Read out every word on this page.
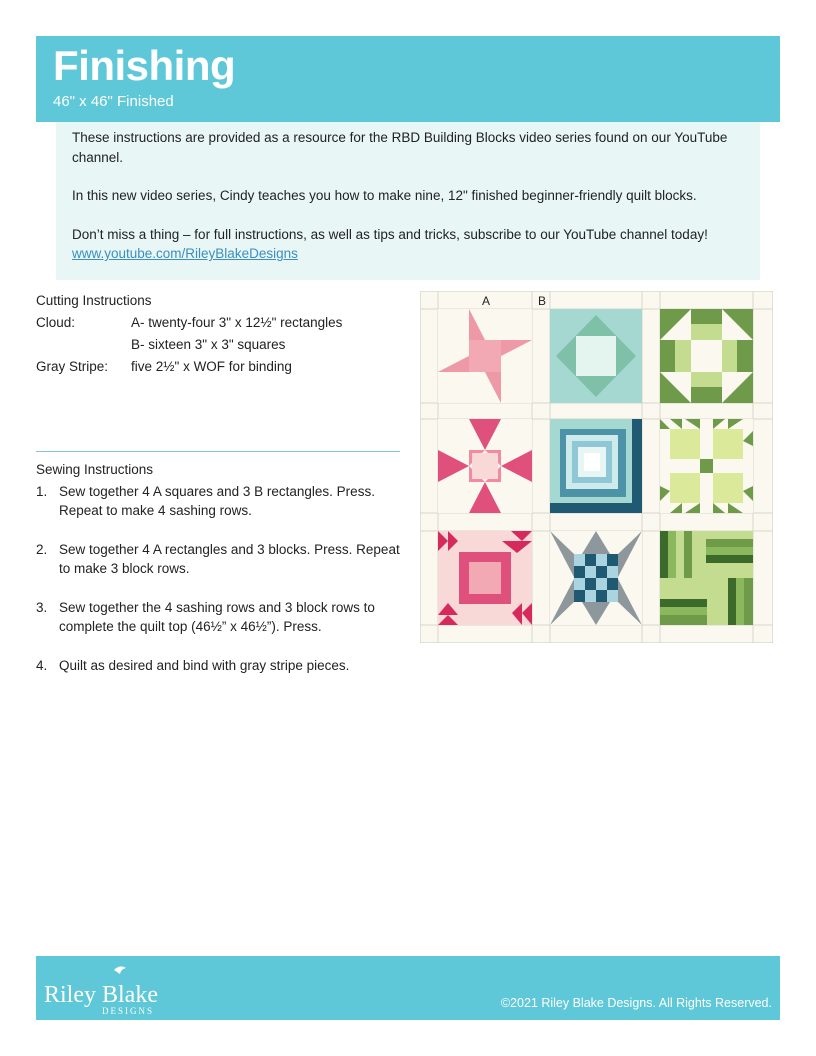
Finishing
46" x 46" Finished

These instructions are provided as a resource for the RBD Building Blocks video series found on our YouTube channel.

In this new video series, Cindy teaches you how to make nine, 12" finished beginner-friendly quilt blocks.

Don’t miss a thing – for full instructions, as well as tips and tricks, subscribe to our YouTube channel today! www.youtube.com/RileyBlakeDesigns

Cutting Instructions
Cloud:	A- twenty-four 3" x 12½" rectangles
B- sixteen 3" x 3" squares
Gray Stripe:	five 2½" x WOF for binding
Sewing Instructions
1. Sew together 4 A squares and 3 B rectangles. Press. Repeat to make 4 sashing rows.
2. Sew together 4 A rectangles and 3 blocks. Press. Repeat to make 3 block rows.
3. Sew together the 4 sashing rows and 3 block rows to complete the quilt top (46½” x 46½”). Press.
4. Quilt as desired and bind with gray stripe pieces.
A	B
Riley Blake
DESIGNS
©2021 Riley Blake Designs. All Rights Reserved.
